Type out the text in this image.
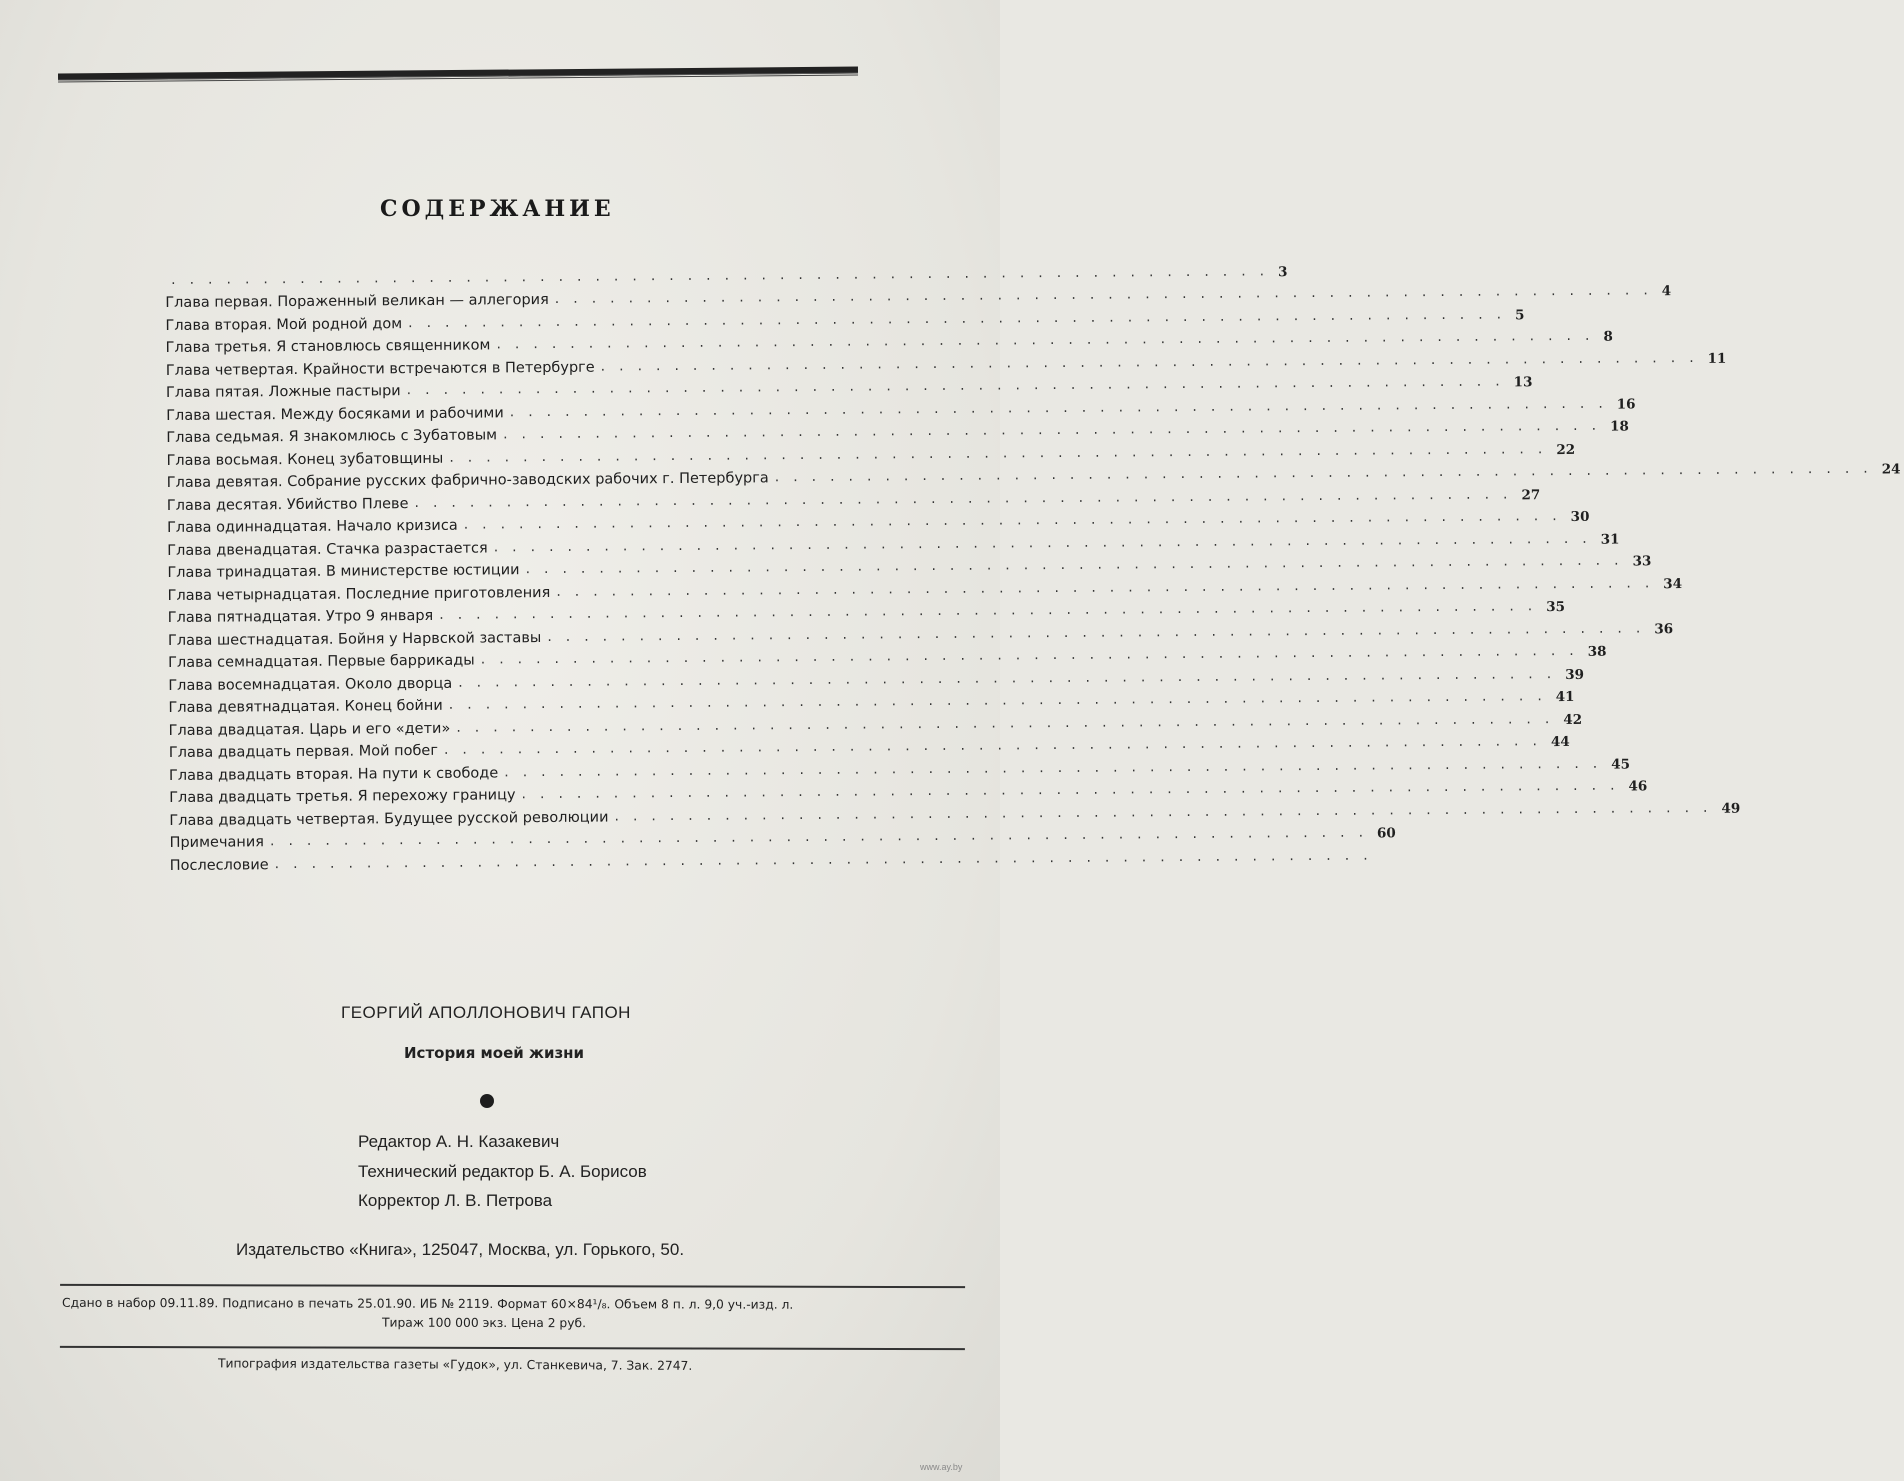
СОДЕРЖАНИЕ
............................................................ 3
Глава первая. Пораженный великан — аллегория ............................................................ 4
Глава вторая. Мой родной дом ............................................................ 5
Глава третья. Я становлюсь священником ............................................................ 8
Глава четвертая. Крайности встречаются в Петербурге ............................................................ 11
Глава пятая. Ложные пастыри ............................................................ 13
Глава шестая. Между босяками и рабочими ............................................................ 16
Глава седьмая. Я знакомлюсь с Зубатовым ............................................................ 18
Глава восьмая. Конец зубатовщины ............................................................ 22
Глава девятая. Собрание русских фабрично-заводских рабочих г. Петербурга ............................................................ 24
Глава десятая. Убийство Плеве ............................................................ 27
Глава одиннадцатая. Начало кризиса ............................................................ 30
Глава двенадцатая. Стачка разрастается ............................................................ 31
Глава тринадцатая. В министерстве юстиции ............................................................ 33
Глава четырнадцатая. Последние приготовления ............................................................ 34
Глава пятнадцатая. Утро 9 января ............................................................ 35
Глава шестнадцатая. Бойня у Нарвской заставы ............................................................ 36
Глава семнадцатая. Первые баррикады ............................................................ 38
Глава восемнадцатая. Около дворца ............................................................ 39
Глава девятнадцатая. Конец бойни ............................................................ 41
Глава двадцатая. Царь и его «дети» ............................................................ 42
Глава двадцать первая. Мой побег ............................................................ 44
Глава двадцать вторая. На пути к свободе ............................................................ 45
Глава двадцать третья. Я перехожу границу ............................................................ 46
Глава двадцать четвертая. Будущее русской революции ............................................................ 49
Примечания ............................................................ 60
Послесловие ............................................................
ГЕОРГИЙ АПОЛЛОНОВИЧ ГАПОН
История моей жизни
Редактор А. Н. Казакевич
Технический редактор Б. А. Борисов
Корректор Л. В. Петрова
Издательство «Книга», 125047, Москва, ул. Горького, 50.
Сдано в набор 09.11.89. Подписано в печать 25.01.90. ИБ № 2119. Формат 60×84¹/₈. Объем 8 п. л. 9,0 уч.-изд. л.
Тираж 100 000 экз. Цена 2 руб.
Типография издательства газеты «Гудок», ул. Станкевича, 7. Зак. 2747.
www.ay.by
